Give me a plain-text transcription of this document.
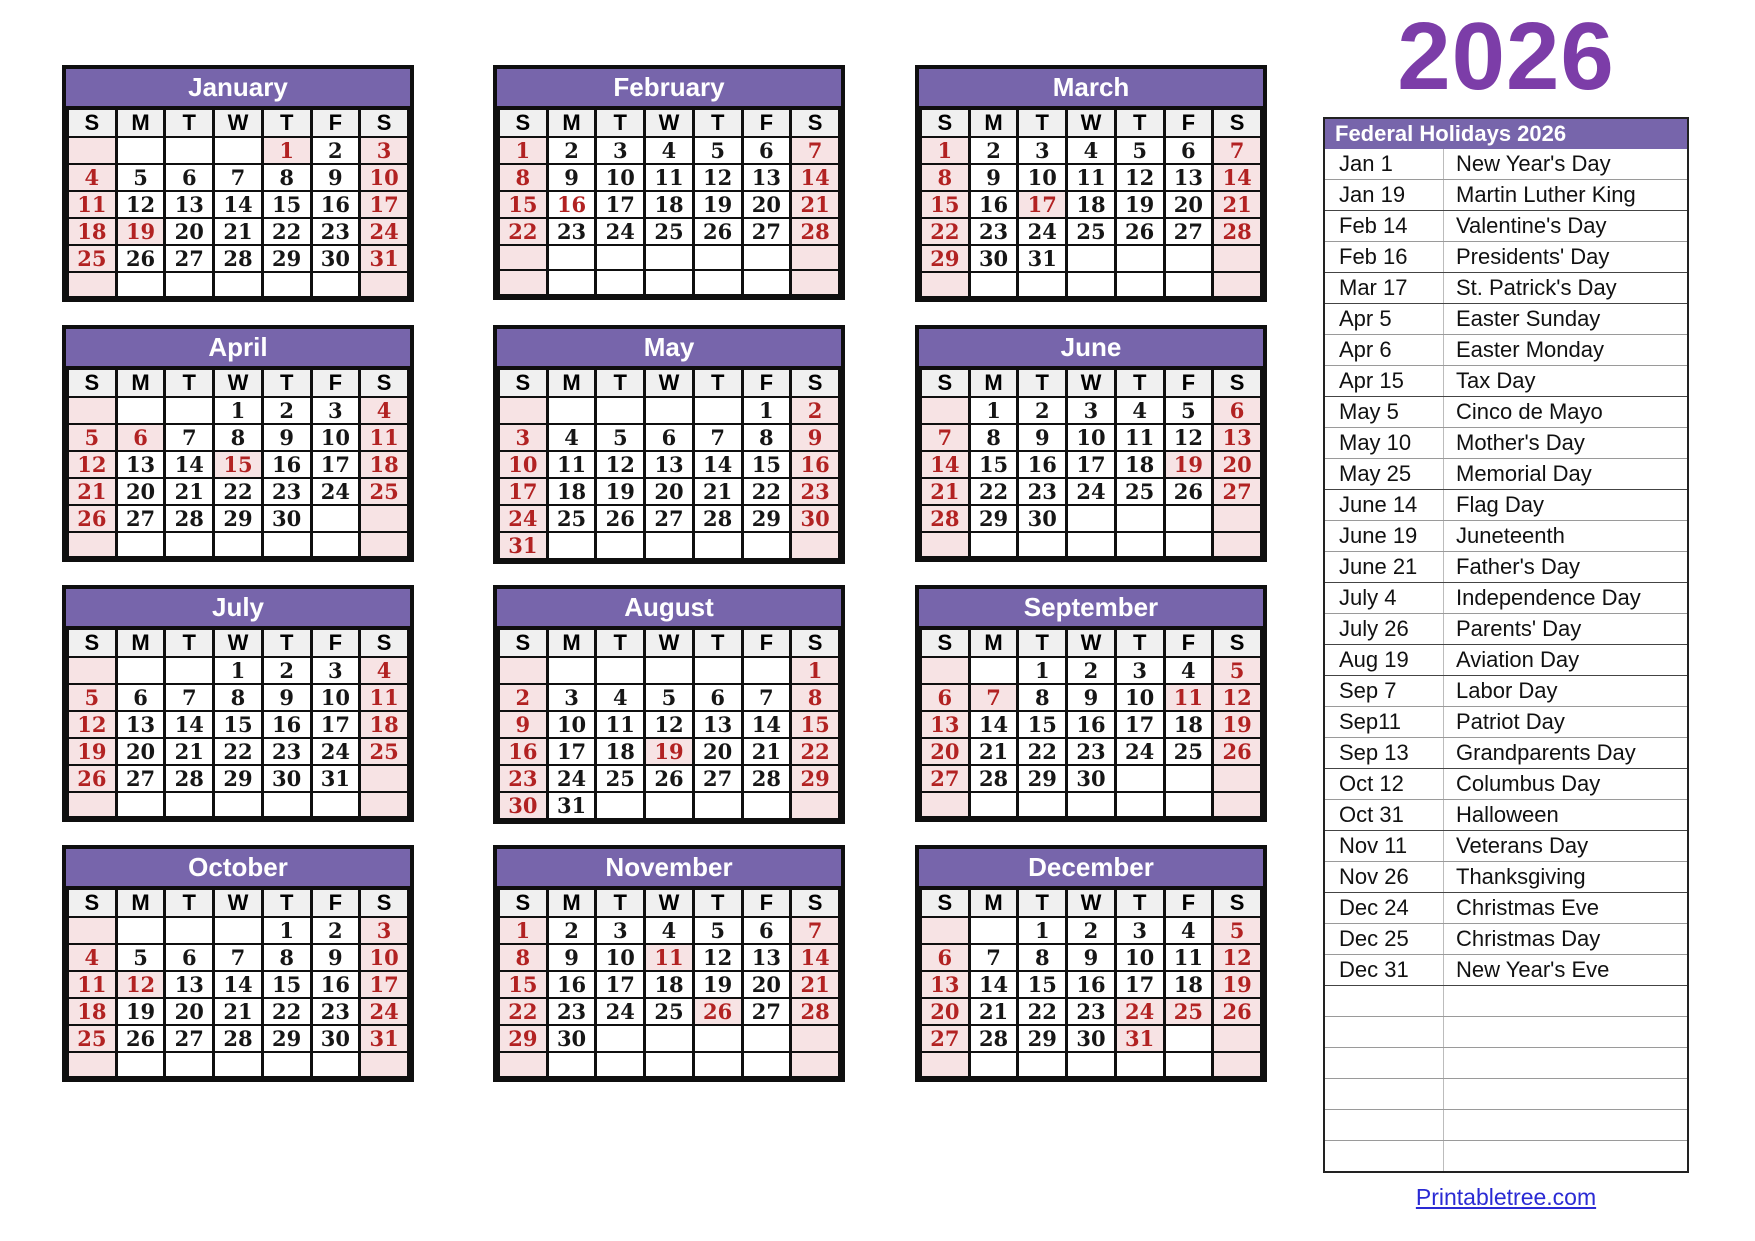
2026
January
S	M	T	W	T	F	S
				1	2	3
4	5	6	7	8	9	10
11	12	13	14	15	16	17
18	19	20	21	22	23	24
25	26	27	28	29	30	31

February
S	M	T	W	T	F	S
1	2	3	4	5	6	7
8	9	10	11	12	13	14
15	16	17	18	19	20	21
22	23	24	25	26	27	28

March
S	M	T	W	T	F	S
1	2	3	4	5	6	7
8	9	10	11	12	13	14
15	16	17	18	19	20	21
22	23	24	25	26	27	28
29	30	31				

April
S	M	T	W	T	F	S
			1	2	3	4
5	6	7	8	9	10	11
12	13	14	15	16	17	18
21	20	21	22	23	24	25
26	27	28	29	30		

May
S	M	T	W	T	F	S
					1	2
3	4	5	6	7	8	9
10	11	12	13	14	15	16
17	18	19	20	21	22	23
24	25	26	27	28	29	30
31						
June
S	M	T	W	T	F	S
	1	2	3	4	5	6
7	8	9	10	11	12	13
14	15	16	17	18	19	20
21	22	23	24	25	26	27
28	29	30				

July
S	M	T	W	T	F	S
			1	2	3	4
5	6	7	8	9	10	11
12	13	14	15	16	17	18
19	20	21	22	23	24	25
26	27	28	29	30	31	

August
S	M	T	W	T	F	S
						1
2	3	4	5	6	7	8
9	10	11	12	13	14	15
16	17	18	19	20	21	22
23	24	25	26	27	28	29
30	31					
September
S	M	T	W	T	F	S
		1	2	3	4	5
6	7	8	9	10	11	12
13	14	15	16	17	18	19
20	21	22	23	24	25	26
27	28	29	30			

October
S	M	T	W	T	F	S
				1	2	3
4	5	6	7	8	9	10
11	12	13	14	15	16	17
18	19	20	21	22	23	24
25	26	27	28	29	30	31

November
S	M	T	W	T	F	S
1	2	3	4	5	6	7
8	9	10	11	12	13	14
15	16	17	18	19	20	21
22	23	24	25	26	27	28
29	30					

December
S	M	T	W	T	F	S
		1	2	3	4	5
6	7	8	9	10	11	12
13	14	15	16	17	18	19
20	21	22	23	24	25	26
27	28	29	30	31		

Federal Holidays 2026
Jan 1	New Year's Day
Jan 19	Martin Luther King
Feb 14	Valentine's Day
Feb 16	Presidents' Day
Mar 17	St. Patrick's Day
Apr 5	Easter Sunday
Apr 6	Easter Monday
Apr 15	Tax Day
May 5	Cinco de Mayo
May 10	Mother's Day
May 25	Memorial Day
June 14	Flag Day
June 19	Juneteenth
June 21	Father's Day
July 4	Independence Day
July 26	Parents' Day
Aug 19	Aviation Day
Sep 7	Labor Day
Sep11	Patriot Day
Sep 13	Grandparents Day
Oct 12	Columbus Day
Oct 31	Halloween
Nov 11	Veterans Day
Nov 26	Thanksgiving
Dec 24	Christmas Eve
Dec 25	Christmas Day
Dec 31	New Year's Eve
Printabletree.com
